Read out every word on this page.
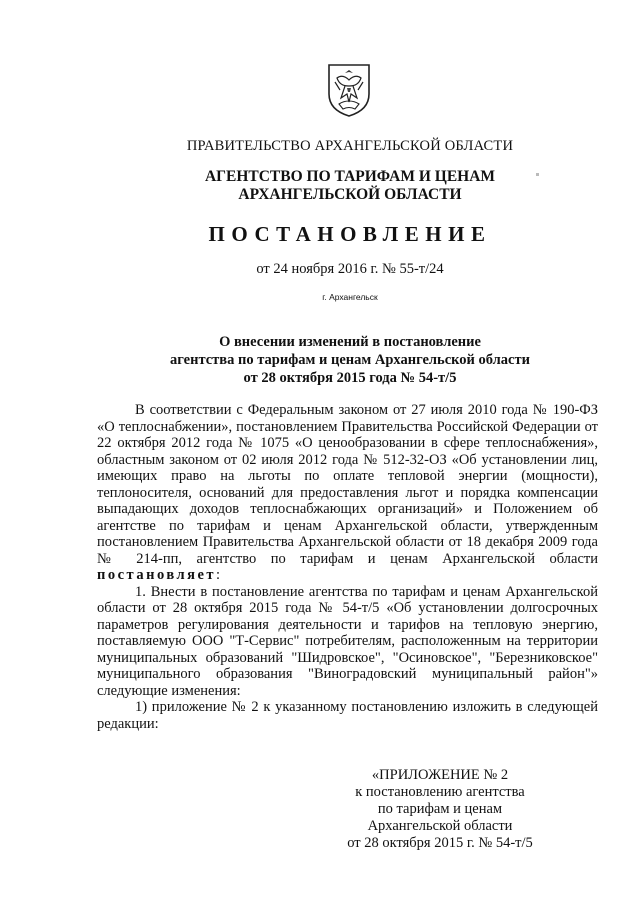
ПРАВИТЕЛЬСТВО АРХАНГЕЛЬСКОЙ ОБЛАСТИ
АГЕНТСТВО ПО ТАРИФАМ И ЦЕНАМ
АРХАНГЕЛЬСКОЙ ОБЛАСТИ
ПОСТАНОВЛЕНИЕ
от 24 ноября 2016 г. № 55-т/24
г. Архангельск
О внесении изменений в постановление
агентства по тарифам и ценам Архангельской области
от 28 октября 2015 года № 54-т/5

В соответствии с Федеральным законом от 27 июля 2010 года № 190-ФЗ «О теплоснабжении», постановлением Правительства Российской Федерации от 22 октября 2012 года № 1075 «О ценообразовании в сфере теплоснабжения», областным законом от 02 июля 2012 года № 512-32-ОЗ «Об установлении лиц, имеющих право на льготы по оплате тепловой энергии (мощности), теплоносителя, оснований для предоставления льгот и порядка компенсации выпадающих доходов теплоснабжающих организаций» и Положением об агентстве по тарифам и ценам Архангельской области, утвержденным постановлением Правительства Архангельской области от 18 декабря 2009 года № 214-пп, агентство по тарифам и ценам Архангельской области постановляет:

1. Внести в постановление агентства по тарифам и ценам Архангельской области от 28 октября 2015 года № 54-т/5 «Об установлении долгосрочных параметров регулирования деятельности и тарифов на тепловую энергию, поставляемую ООО "Т-Сервис" потребителям, расположенным на территории муниципальных образований "Шидровское", "Осиновское", "Березниковское" муниципального образования "Виноградовский муниципальный район"» следующие изменения:

1) приложение № 2 к указанному постановлению изложить в следующей редакции:

«ПРИЛОЖЕНИЕ № 2
к постановлению агентства
по тарифам и ценам
Архангельской области
от 28 октября 2015 г. № 54-т/5
